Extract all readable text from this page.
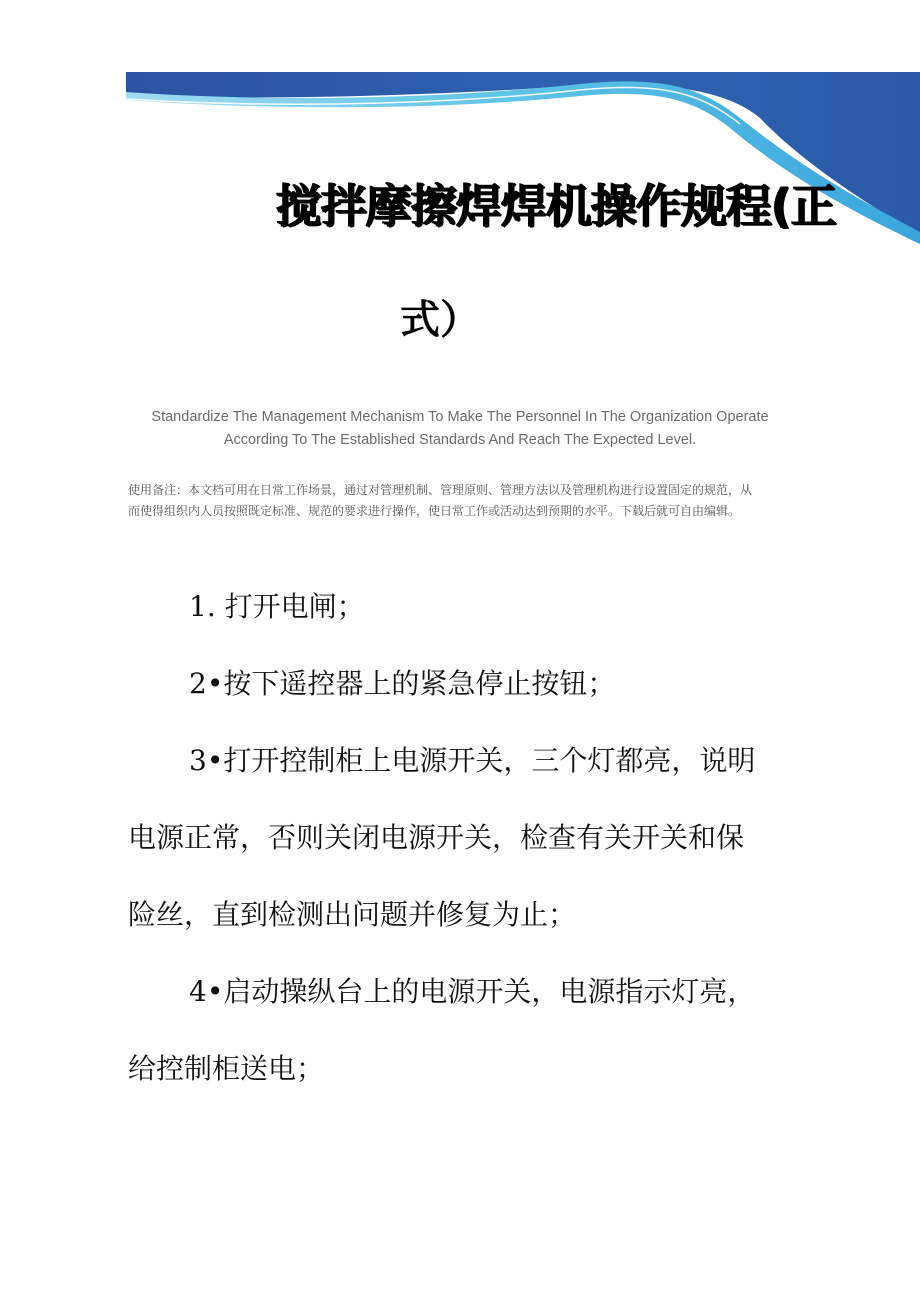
搅拌摩擦焊焊机操作规程(正
式）
Standardize The Management Mechanism To Make The Personnel In The Organization Operate
According To The Established Standards And Reach The Expected Level.
使用备注：本文档可用在日常工作场景，通过对管理机制、管理原则、管理方法以及管理机构进行设置固定的规范，从而使得组织内人员按照既定标准、规范的要求进行操作，使日常工作或活动达到预期的水平。下载后就可自由编辑。

1. 打开电闸；

2•按下遥控器上的紧急停止按钮；

3•打开控制柜上电源开关，三个灯都亮，说明电源正常，否则关闭电源开关，检查有关开关和保险丝，直到检测出问题并修复为止；

4•启动操纵台上的电源开关，电源指示灯亮，给控制柜送电；
